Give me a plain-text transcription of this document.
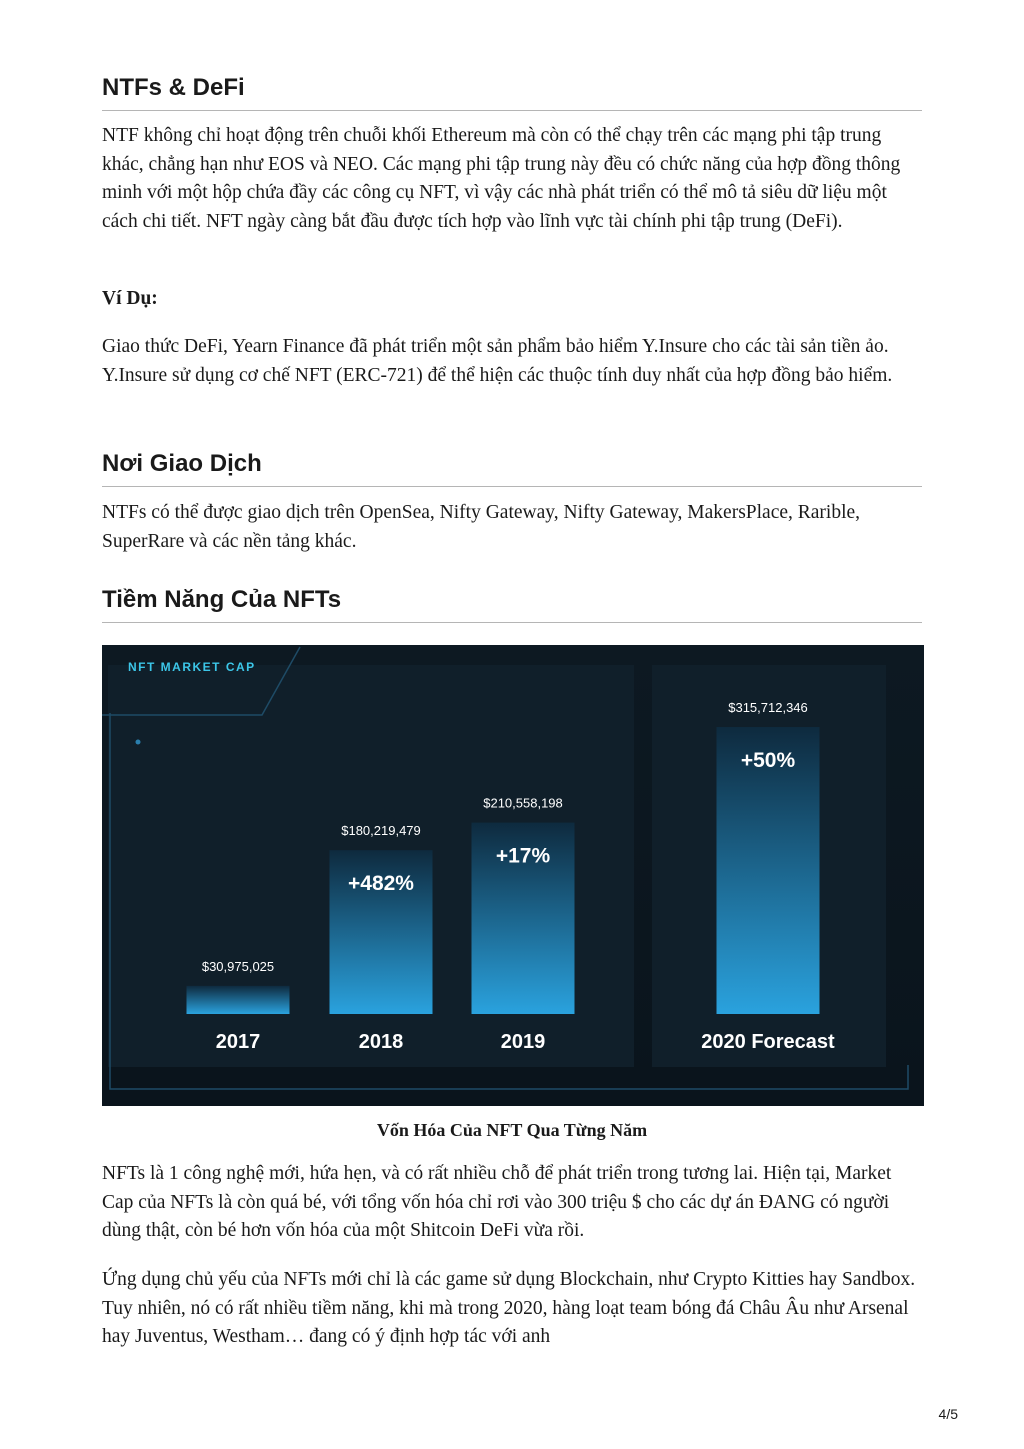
NTFs & DeFi

NTF không chỉ hoạt động trên chuỗi khối Ethereum mà còn có thể chạy trên các mạng phi tập trung khác, chẳng hạn như EOS và NEO. Các mạng phi tập trung này đều có chức năng của hợp đồng thông minh với một hộp chứa đầy các công cụ NFT, vì vậy các nhà phát triển có thể mô tả siêu dữ liệu một cách chi tiết. NFT ngày càng bắt đầu được tích hợp vào lĩnh vực tài chính phi tập trung (DeFi).

Ví Dụ:

Giao thức DeFi, Yearn Finance đã phát triển một sản phẩm bảo hiểm Y.Insure cho các tài sản tiền ảo. Y.Insure sử dụng cơ chế NFT (ERC-721) để thể hiện các thuộc tính duy nhất của hợp đồng bảo hiểm.

Nơi Giao Dịch

NTFs có thể được giao dịch trên OpenSea, Nifty Gateway, Nifty Gateway, MakersPlace, Rarible, SuperRare và các nền tảng khác.

Tiềm Năng Của NFTs
NFT MARKET CAP
$30,975,025
2017
$180,219,479
+482%
2018
$210,558,198
+17%
2019
$315,712,346
+50%
2020 Forecast

Vốn Hóa Của NFT Qua Từng Năm

NFTs là 1 công nghệ mới, hứa hẹn, và có rất nhiều chỗ để phát triển trong tương lai. Hiện tại, Market Cap của NFTs là còn quá bé, với tổng vốn hóa chỉ rơi vào 300 triệu $ cho các dự án ĐANG có người dùng thật, còn bé hơn vốn hóa của một Shitcoin DeFi vừa rồi.

Ứng dụng chủ yếu của NFTs mới chỉ là các game sử dụng Blockchain, như Crypto Kitties hay Sandbox. Tuy nhiên, nó có rất nhiều tiềm năng, khi mà trong 2020, hàng loạt team bóng đá Châu Âu như Arsenal hay Juventus, Westham… đang có ý định hợp tác với anh

4/5
